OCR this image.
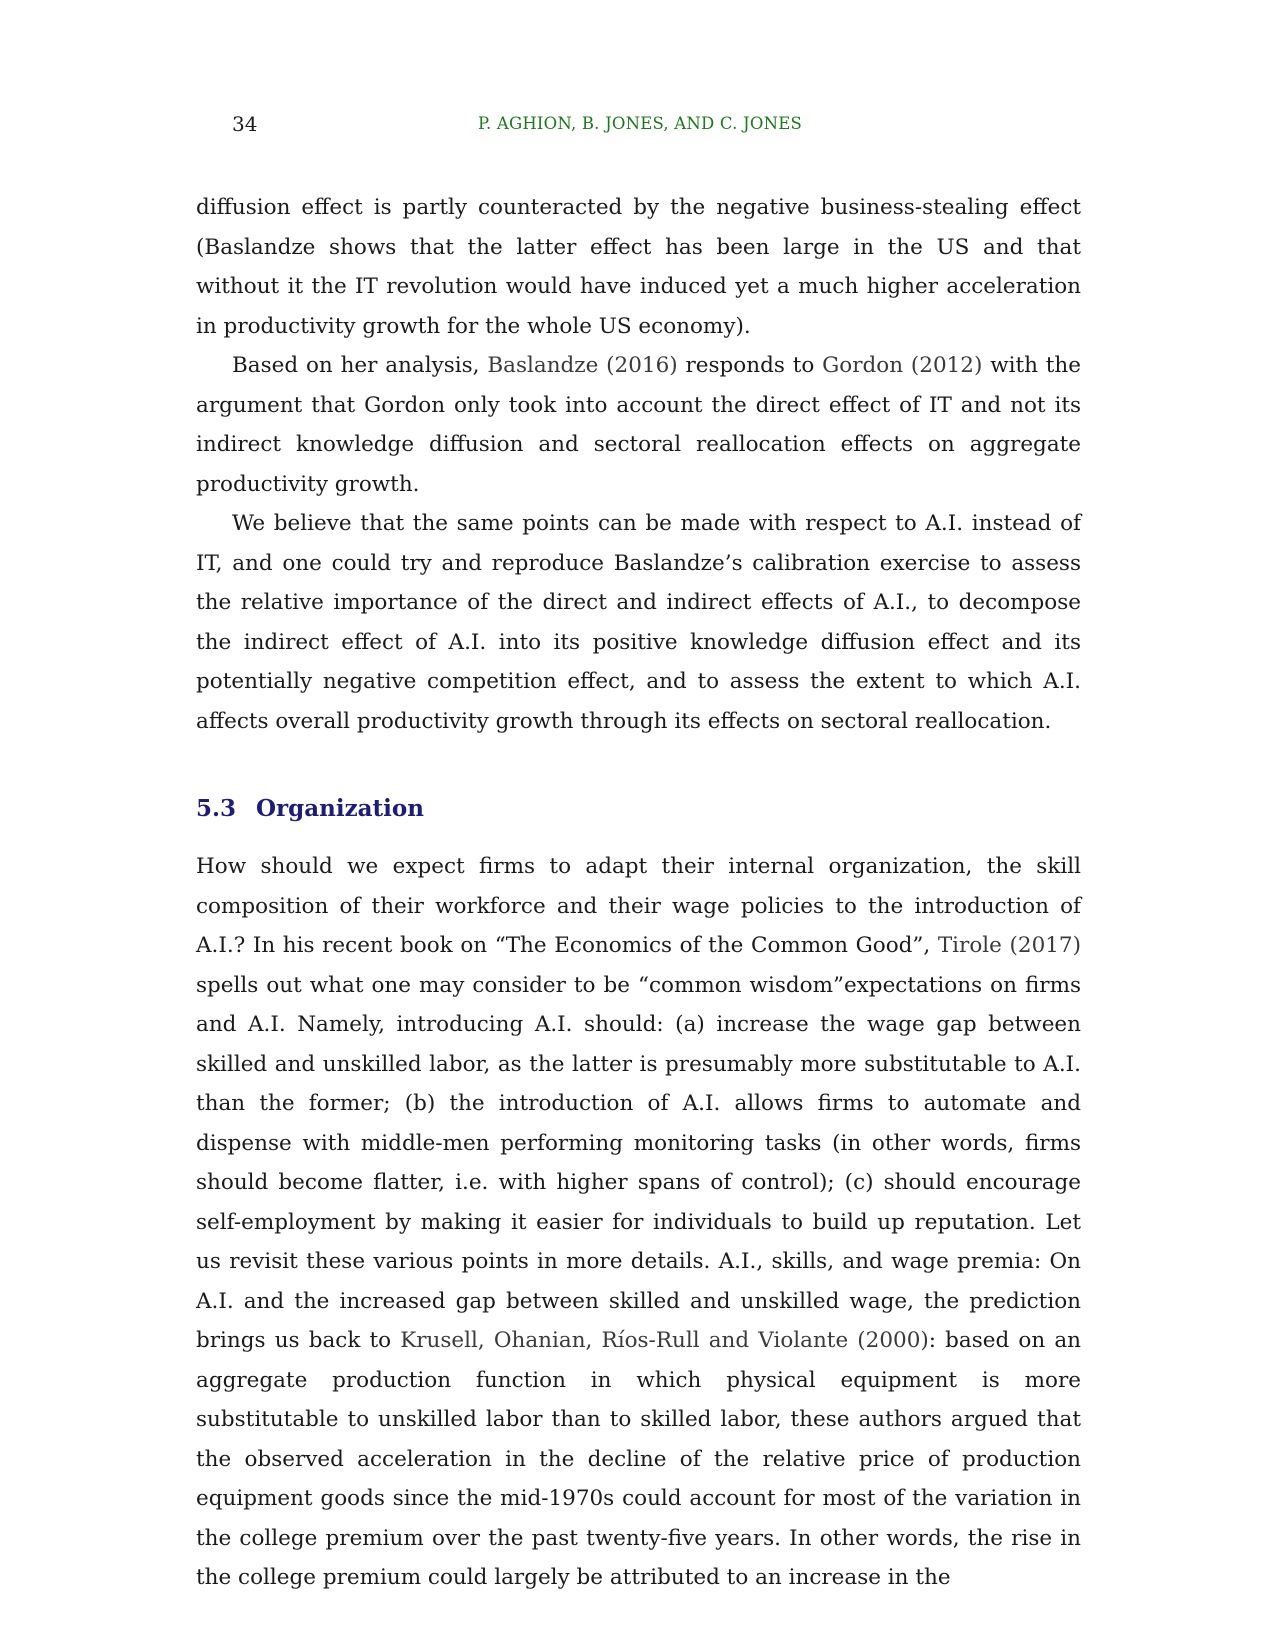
34	P. AGHION, B. JONES, AND C. JONES

diffusion effect is partly counteracted by the negative business-stealing effect (Baslandze shows that the latter effect has been large in the US and that without it the IT revolution would have induced yet a much higher acceleration in productivity growth for the whole US economy).

Based on her analysis, Baslandze (2016) responds to Gordon (2012) with the argument that Gordon only took into account the direct effect of IT and not its indirect knowledge diffusion and sectoral reallocation effects on aggregate productivity growth.

We believe that the same points can be made with respect to A.I. instead of IT, and one could try and reproduce Baslandze’s calibration exercise to assess the relative importance of the direct and indirect effects of A.I., to decompose the indirect effect of A.I. into its positive knowledge diffusion effect and its potentially negative competition effect, and to assess the extent to which A.I. affects overall productivity growth through its effects on sectoral reallocation.

5.3 Organization

How should we expect firms to adapt their internal organization, the skill composition of their workforce and their wage policies to the introduction of A.I.? In his recent book on “The Economics of the Common Good”, Tirole (2017) spells out what one may consider to be “common wisdom”expectations on firms and A.I. Namely, introducing A.I. should: (a) increase the wage gap between skilled and unskilled labor, as the latter is presumably more substitutable to A.I. than the former; (b) the introduction of A.I. allows firms to automate and dispense with middle-men performing monitoring tasks (in other words, firms should become flatter, i.e. with higher spans of control); (c) should encourage self-employment by making it easier for individuals to build up reputation. Let us revisit these various points in more details. A.I., skills, and wage premia: On A.I. and the increased gap between skilled and unskilled wage, the prediction brings us back to Krusell, Ohanian, Ríos-Rull and Violante (2000): based on an aggregate production function in which physical equipment is more substitutable to unskilled labor than to skilled labor, these authors argued that the observed acceleration in the decline of the relative price of production equipment goods since the mid-1970s could account for most of the variation in the college premium over the past twenty-five years. In other words, the rise in the college premium could largely be attributed to an increase in the
